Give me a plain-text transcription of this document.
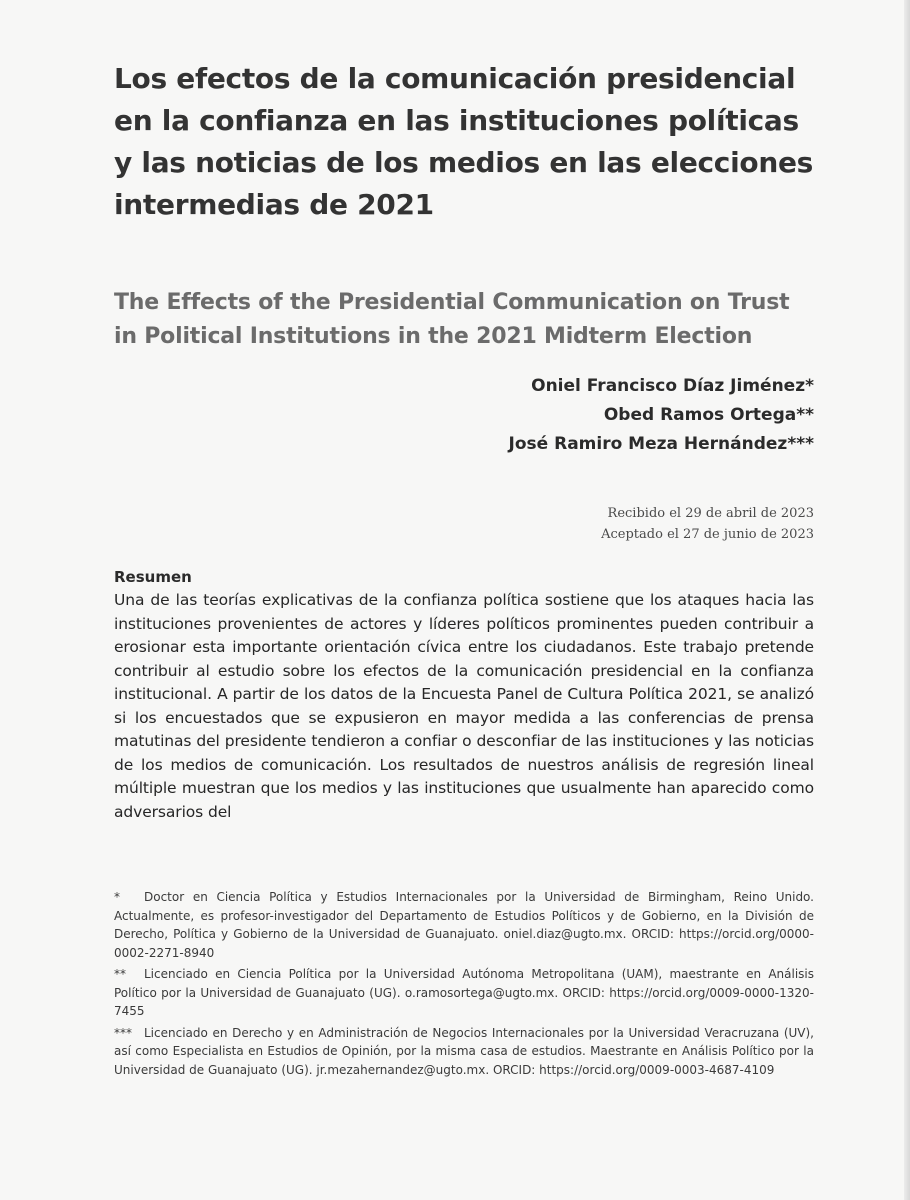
Los efectos de la comunicación presidencial en la confianza en las instituciones políticas y las noticias de los medios en las elecciones intermedias de 2021
The Effects of the Presidential Communication on Trust in Political Institutions in the 2021 Midterm Election
Oniel Francisco Díaz Jiménez*
Obed Ramos Ortega**
José Ramiro Meza Hernández***
Recibido el 29 de abril de 2023
Aceptado el 27 de junio de 2023
Resumen

Una de las teorías explicativas de la confianza política sostiene que los ataques hacia las instituciones provenientes de actores y líderes políticos prominentes pueden contribuir a erosionar esta importante orientación cívica entre los ciudadanos. Este trabajo pretende contribuir al estudio sobre los efectos de la comunicación presidencial en la confianza institucional. A partir de los datos de la Encuesta Panel de Cultura Política 2021, se analizó si los encuestados que se expusieron en mayor medida a las conferencias de prensa matutinas del presidente tendieron a confiar o desconfiar de las instituciones y las noticias de los medios de comunicación. Los resultados de nuestros análisis de regresión lineal múltiple muestran que los medios y las instituciones que usualmente han aparecido como adversarios del

* Doctor en Ciencia Política y Estudios Internacionales por la Universidad de Birmingham, Reino Unido. Actualmente, es profesor-investigador del Departamento de Estudios Políticos y de Gobierno, en la División de Derecho, Política y Gobierno de la Universidad de Guanajuato. oniel.diaz@ugto.mx. ORCID: https://orcid.org/0000-0002-2271-8940

** Licenciado en Ciencia Política por la Universidad Autónoma Metropolitana (UAM), maestrante en Análisis Político por la Universidad de Guanajuato (UG). o.ramosortega@ugto.mx. ORCID: https://orcid.org/0009-0000-1320-7455

*** Licenciado en Derecho y en Administración de Negocios Internacionales por la Universidad Veracruzana (UV), así como Especialista en Estudios de Opinión, por la misma casa de estudios. Maestrante en Análisis Político por la Universidad de Guanajuato (UG). jr.mezahernandez@ugto.mx. ORCID: https://orcid.org/0009-0003-4687-4109
